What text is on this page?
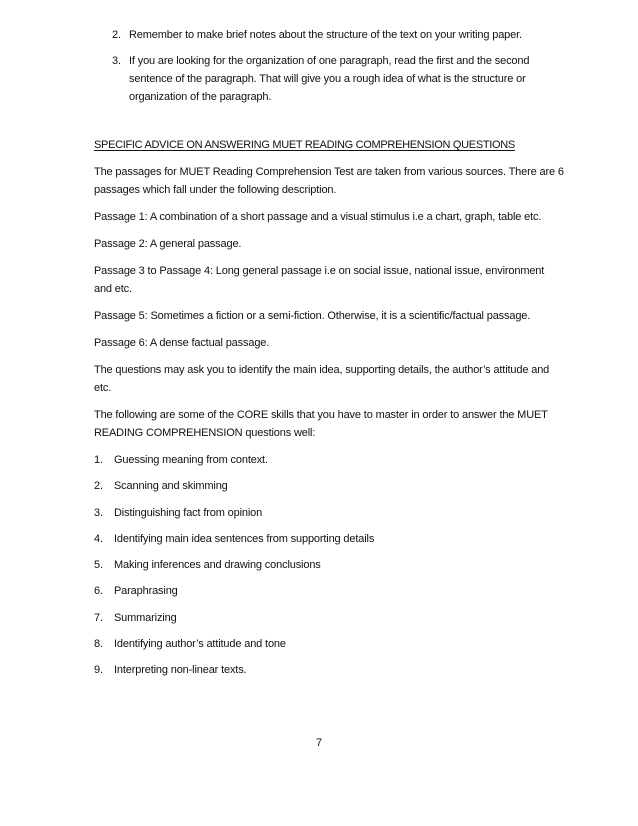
2. Remember to make brief notes about the structure of the text on your writing paper.
3. If you are looking for the organization of one paragraph, read the first and the second sentence of the paragraph. That will give you a rough idea of what is the structure or organization of the paragraph.
SPECIFIC ADVICE ON ANSWERING MUET READING COMPREHENSION QUESTIONS

The passages for MUET Reading Comprehension Test are taken from various sources. There are 6 passages which fall under the following description.

Passage 1: A combination of a short passage and a visual stimulus i.e a chart, graph, table etc.

Passage 2: A general passage.

Passage 3 to Passage 4: Long general passage i.e on social issue, national issue, environment and etc.

Passage 5: Sometimes a fiction or a semi-fiction. Otherwise, it is a scientific/factual passage.

Passage 6: A dense factual passage.

The questions may ask you to identify the main idea, supporting details, the author’s attitude and etc.

The following are some of the CORE skills that you have to master in order to answer the MUET READING COMPREHENSION questions well:

1. Guessing meaning from context.
2. Scanning and skimming
3. Distinguishing fact from opinion
4. Identifying main idea sentences from supporting details
5. Making inferences and drawing conclusions
6. Paraphrasing
7. Summarizing
8. Identifying author’s attitude and tone
9. Interpreting non-linear texts.
7
